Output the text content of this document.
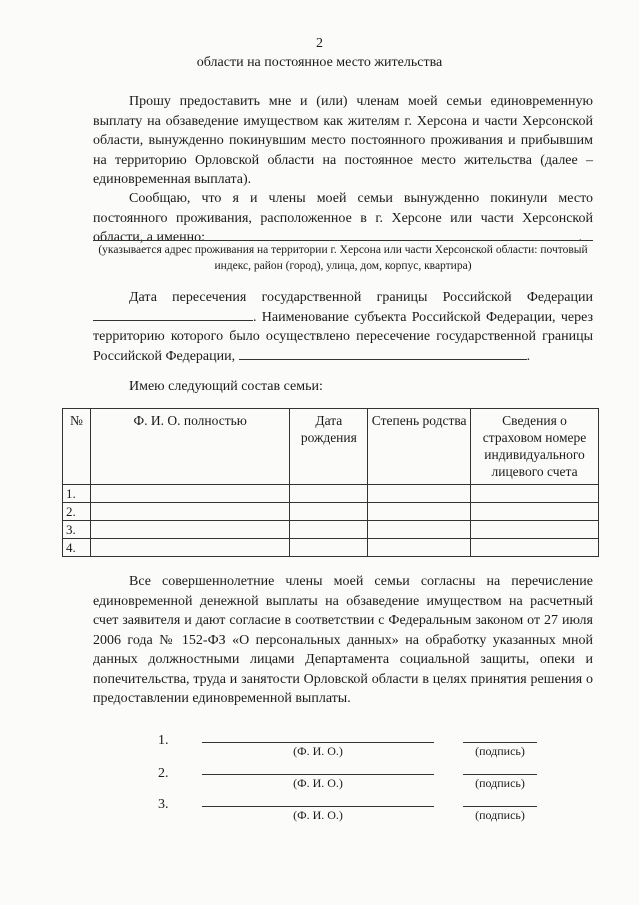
2
области на постоянное место жительства
Прошу предоставить мне и (или) членам моей семьи единовременную выплату на обзаведение имуществом как жителям г. Херсона и части Херсонской области, вынужденно покинувшим место постоянного проживания и прибывшим на территорию Орловской области на постоянное место жительства (далее – единовременная выплата).
Сообщаю, что я и члены моей семьи вынужденно покинули место постоянного проживания, расположенное в г. Херсоне или части Херсонской области, а именно:	.
(указывается адрес проживания на территории г. Херсона или части Херсонской области: почтовый индекс, район (город), улица, дом, корпус, квартира)
Дата пересечения государственной границы Российской Федерации . Наименование субъекта Российской Федерации, через территорию которого было осуществлено пересечение государственной границы Российской Федерации,	.
Имею следующий состав семьи:
№	Ф. И. О. полностью	Дата рождения	Степень родства	Сведения о страховом номере индивидуального лицевого счета
1.				
2.				
3.				
4.				
Все совершеннолетние члены моей семьи согласны на перечисление единовременной денежной выплаты на обзаведение имуществом на расчетный счет заявителя и дают согласие в соответствии с Федеральным законом от 27 июля 2006 года № 152-ФЗ «О персональных данных» на обработку указанных мной данных должностными лицами Департамента социальной защиты, опеки и попечительства, труда и занятости Орловской области в целях принятия решения о предоставлении единовременной выплаты.
1.
(Ф. И. О.)	(подпись)
2.
(Ф. И. О.)	(подпись)
3.
(Ф. И. О.)	(подпись)
